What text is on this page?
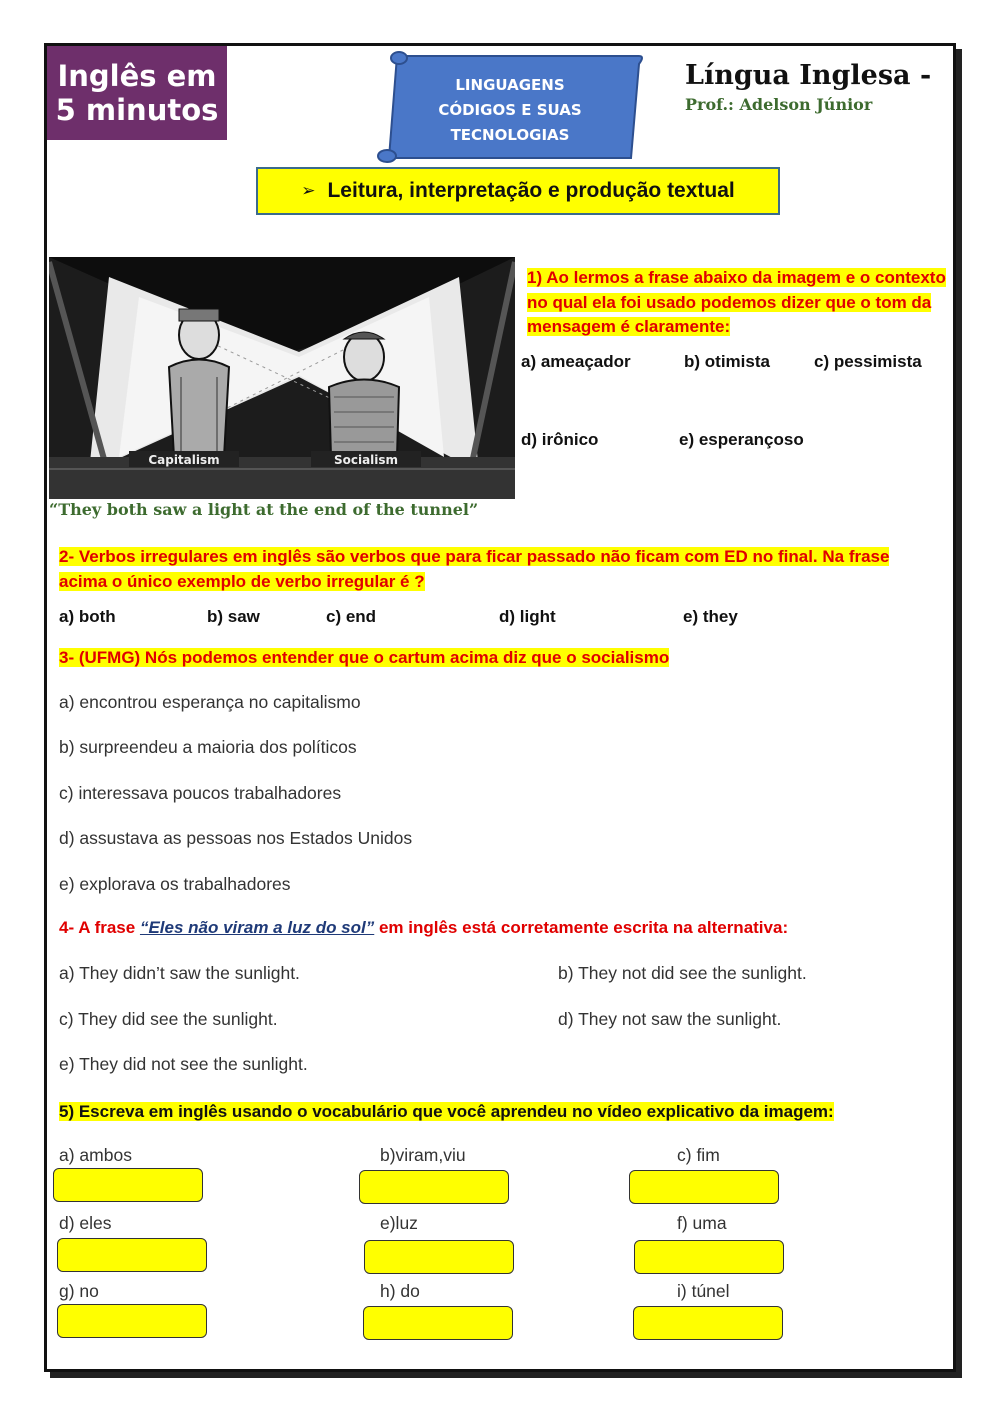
Inglês em 5 minutos
LINGUAGENS
CÓDIGOS E SUAS
TECNOLOGIAS
Língua Inglesa -
Prof.: Adelson Júnior
➢ Leitura, interpretação e produção textual
Capitalism	Socialism
“They both saw a light at the end of the tunnel”
1) Ao lermos a frase abaixo da imagem e o contexto no qual ela foi usado podemos dizer que o tom da mensagem é claramente:
a) ameaçador	b) otimista	c) pessimista
d) irônico	e) esperançoso
2- Verbos irregulares em inglês são verbos que para ficar passado não ficam com ED no final. Na frase acima o único exemplo de verbo irregular é ?
a) both	b) saw	c) end	d) light	e) they
3- (UFMG) Nós podemos entender que o cartum acima diz que o socialismo
a) encontrou esperança no capitalismo
b) surpreendeu a maioria dos políticos
c) interessava poucos trabalhadores
d) assustava as pessoas nos Estados Unidos
e) explorava os trabalhadores
4- A frase “Eles não viram a luz do sol” em inglês está corretamente escrita na alternativa:
a) They didn’t saw the sunlight.	b) They not did see the sunlight.
c) They did see the sunlight.	d) They not saw the sunlight.
e) They did not see the sunlight.
5) Escreva em inglês usando o vocabulário que você aprendeu no vídeo explicativo da imagem:
a) ambos	b)viram,viu	c) fim
d) eles	e)luz	f) uma
g) no	h) do	i) túnel
